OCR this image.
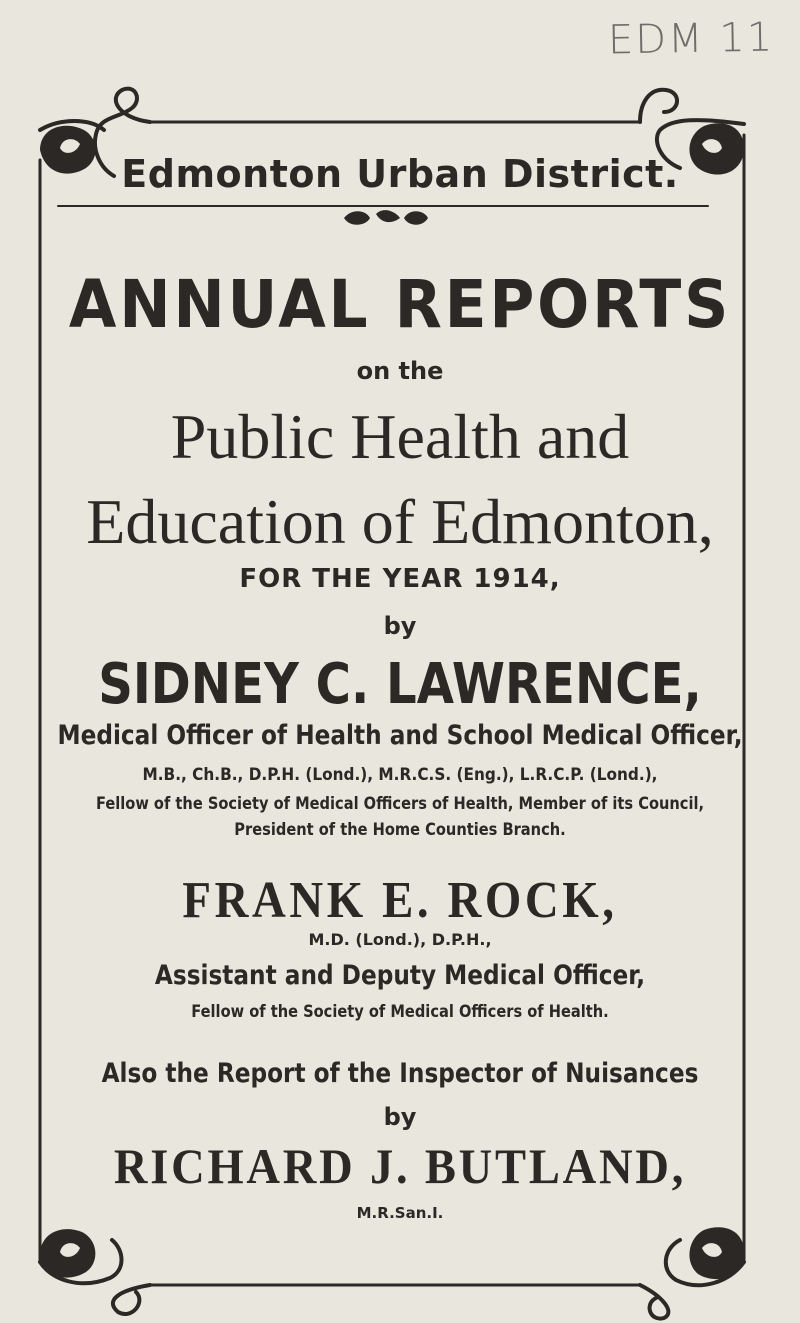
EDM 11
Edmonton Urban District.
ANNUAL REPORTS
on the
Public Health and
Education of Edmonton,
FOR THE YEAR 1914,
by
SIDNEY C. LAWRENCE,
Medical Officer of Health and School Medical Officer,
M.B., Ch.B., D.P.H. (Lond.), M.R.C.S. (Eng.), L.R.C.P. (Lond.),
Fellow of the Society of Medical Officers of Health, Member of its Council,
President of the Home Counties Branch.
FRANK E. ROCK,
M.D. (Lond.), D.P.H.,
Assistant and Deputy Medical Officer,
Fellow of the Society of Medical Officers of Health.
Also the Report of the Inspector of Nuisances
by
RICHARD J. BUTLAND,
M.R.San.I.
